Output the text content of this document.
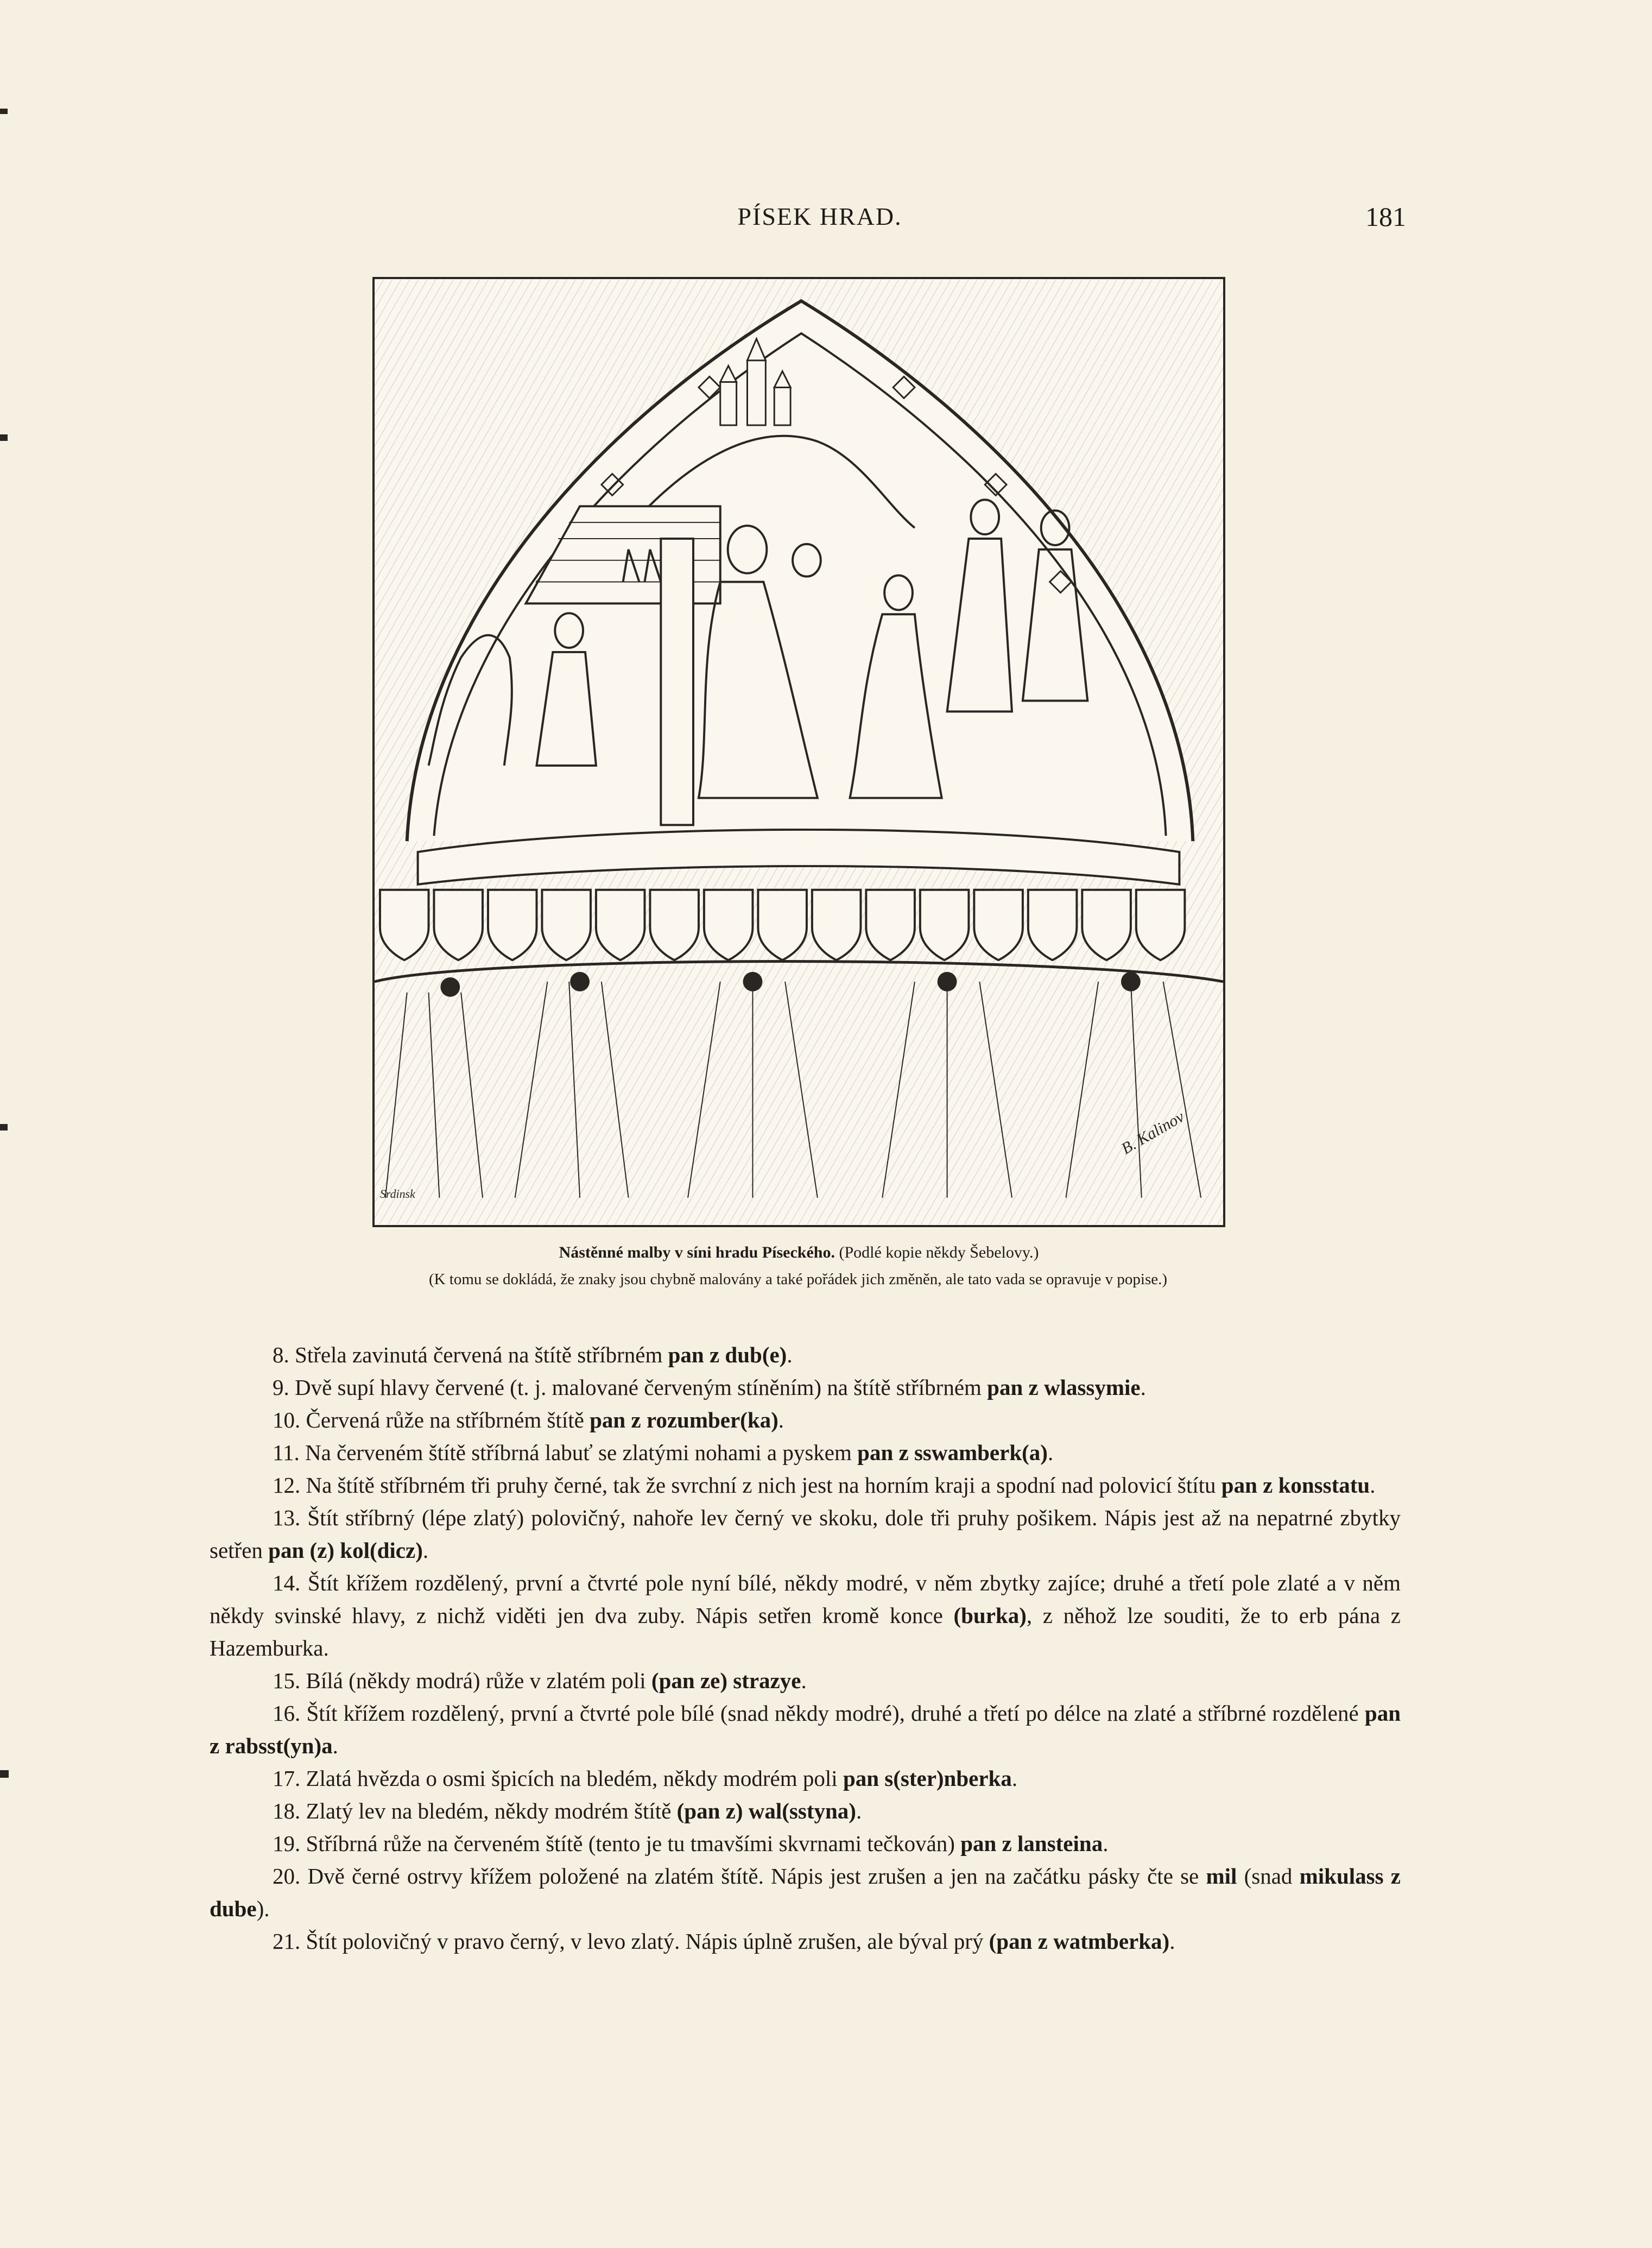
PÍSEK HRAD.	181
Srdinsk
B. Kalinov
Nástěnné malby v síni hradu Píseckého. (Podlé kopie někdy Šebelovy.)
(K tomu se dokládá, že znaky jsou chybně malovány a také pořádek jich změněn, ale tato vada se opravuje v popise.)

8. Střela zavinutá červená na štítě stříbrném pan z dub(e).

9. Dvě supí hlavy červené (t. j. malované červeným stíněním) na štítě stříbrném pan z wlassymie.

10. Červená růže na stříbrném štítě pan z rozumber(ka).

11. Na červeném štítě stříbrná labuť se zlatými nohami a pyskem pan z sswamberk(a).

12. Na štítě stříbrném tři pruhy černé, tak že svrchní z nich jest na horním kraji a spodní nad polovicí štítu pan z konsstatu.

13. Štít stříbrný (lépe zlatý) polovičný, nahoře lev černý ve skoku, dole tři pruhy pošikem. Nápis jest až na nepatrné zbytky setřen pan (z) kol(dicz).

14. Štít křížem rozdělený, první a čtvrté pole nyní bílé, někdy modré, v něm zbytky zajíce; druhé a třetí pole zlaté a v něm někdy svinské hlavy, z nichž viděti jen dva zuby. Nápis setřen kromě konce (burka), z něhož lze souditi, že to erb pána z Hazemburka.

15. Bílá (někdy modrá) růže v zlatém poli (pan ze) strazye.

16. Štít křížem rozdělený, první a čtvrté pole bílé (snad někdy modré), druhé a třetí po délce na zlaté a stříbrné rozdělené pan z rabsst(yn)a.

17. Zlatá hvězda o osmi špicích na bledém, někdy modrém poli pan s(ster)nberka.

18. Zlatý lev na bledém, někdy modrém štítě (pan z) wal(sstyna).

19. Stříbrná růže na červeném štítě (tento je tu tmavšími skvrnami tečkován) pan z lansteina.

20. Dvě černé ostrvy křížem položené na zlatém štítě. Nápis jest zrušen a jen na začátku pásky čte se mil (snad mikulass z dube).

21. Štít polovičný v pravo černý, v levo zlatý. Nápis úplně zrušen, ale býval prý (pan z watmberka).
